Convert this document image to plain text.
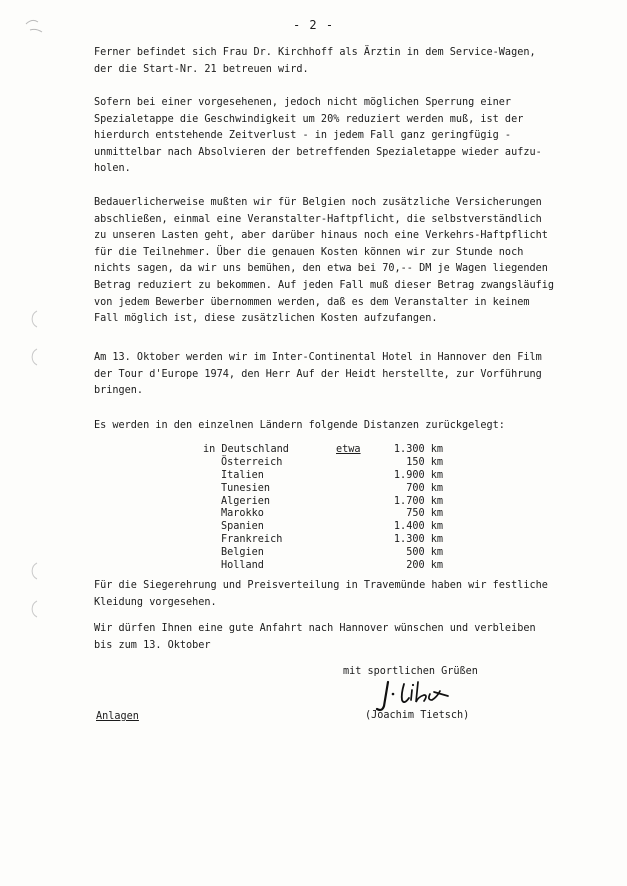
- 2 -
Ferner befindet sich Frau Dr. Kirchhoff als Ärztin in dem Service-Wagen,
der die Start-Nr. 21 betreuen wird.
Sofern bei einer vorgesehenen, jedoch nicht möglichen Sperrung einer
Spezialetappe die Geschwindigkeit um 20% reduziert werden muß, ist der
hierdurch entstehende Zeitverlust - in jedem Fall ganz geringfügig -
unmittelbar nach Absolvieren der betreffenden Spezialetappe wieder aufzu-
holen.
Bedauerlicherweise mußten wir für Belgien noch zusätzliche Versicherungen
abschließen, einmal eine Veranstalter-Haftpflicht, die selbstverständlich
zu unseren Lasten geht, aber darüber hinaus noch eine Verkehrs-Haftpflicht
für die Teilnehmer. Über die genauen Kosten können wir zur Stunde noch
nichts sagen, da wir uns bemühen, den etwa bei 70,-- DM je Wagen liegenden
Betrag reduziert zu bekommen. Auf jeden Fall muß dieser Betrag zwangsläufig
von jedem Bewerber übernommen werden, daß es dem Veranstalter in keinem
Fall möglich ist, diese zusätzlichen Kosten aufzufangen.
Am 13. Oktober werden wir im Inter-Continental Hotel in Hannover den Film
der Tour d'Europe 1974, den Herr Auf der Heidt herstellte, zur Vorführung
bringen.
Es werden in den einzelnen Ländern folgende Distanzen zurückgelegt:
in Deutschland	etwa	1.300 km
Österreich	150 km
Italien	1.900 km
Tunesien	700 km
Algerien	1.700 km
Marokko	750 km
Spanien	1.400 km
Frankreich	1.300 km
Belgien	500 km
Holland	200 km
Für die Siegerehrung und Preisverteilung in Travemünde haben wir festliche
Kleidung vorgesehen.
Wir dürfen Ihnen eine gute Anfahrt nach Hannover wünschen und verbleiben
bis zum 13. Oktober
mit sportlichen Grüßen
(Joachim Tietsch)
Anlagen
